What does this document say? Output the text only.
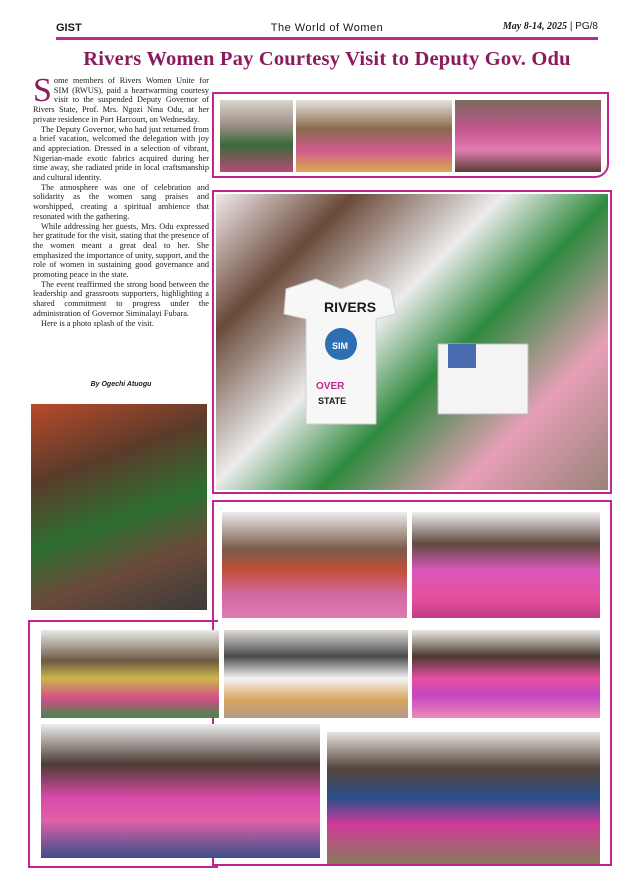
GIST	The World of Women	May 8-14, 2025 | PG/8
Rivers Women Pay Courtesy Visit to Deputy Gov. Odu

Some members of Rivers Women Unite for SIM (RWUS), paid a heartwarming courtesy visit to the suspended Deputy Governor of Rivers State, Prof. Mrs. Ngozi Nma Odu, at her private residence in Port Harcourt, on Wednesday.

The Deputy Governor, who had just returned from a brief vacation, welcomed the delegation with joy and appreciation. Dressed in a selection of vibrant, Nigerian-made exotic fabrics acquired during her time away, she radiated pride in local craftsmanship and cultural identity.

The atmosphere was one of celebration and solidarity as the women sang praises and worshipped, creating a spiritual ambience that resonated with the gathering.

While addressing her guests, Mrs. Odu expressed her gratitude for the visit, stating that the presence of the women meant a great deal to her. She emphasized the importance of unity, support, and the role of women in sustaining good governance and promoting peace in the state.

The event reaffirmed the strong bond between the leadership and grassroots supporters, highlighting a shared commitment to progress under the administration of Governor Siminalayi Fubara.

Here is a photo splash of the visit.

By Ogechi Atuogu
RIVERS
SIM
OVER
STATE
